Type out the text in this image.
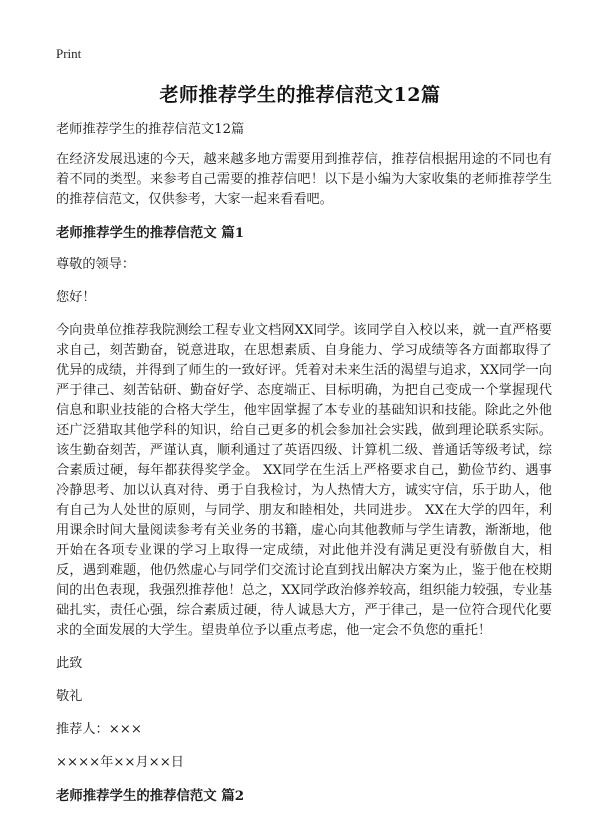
Print
老师推荐学生的推荐信范文12篇

老师推荐学生的推荐信范文12篇

在经济发展迅速的今天，越来越多地方需要用到推荐信，推荐信根据用途的不同也有着不同的类型。来参考自己需要的推荐信吧！以下是小编为大家收集的老师推荐学生的推荐信范文，仅供参考，大家一起来看看吧。

老师推荐学生的推荐信范文 篇1

尊敬的领导：

您好！

今向贵单位推荐我院测绘工程专业文档网XX同学。该同学自入校以来，就一直严格要求自己，刻苦勤奋，锐意进取，在思想素质、自身能力、学习成绩等各方面都取得了优异的成绩，并得到了师生的一致好评。凭着对未来生活的渴望与追求，XX同学一向严于律己、刻苦钻研、勤奋好学、态度端正、目标明确，为把自己变成一个掌握现代信息和职业技能的合格大学生，他牢固掌握了本专业的基础知识和技能。除此之外他还广泛猎取其他学科的知识，给自己更多的机会参加社会实践，做到理论联系实际。该生勤奋刻苦，严谨认真，顺利通过了英语四级、计算机二级、普通话等级考试，综合素质过硬，每年都获得奖学金。 XX同学在生活上严格要求自己，勤俭节约、遇事冷静思考、加以认真对待、勇于自我检讨，为人热情大方，诚实守信，乐于助人，他有自己为人处世的原则，与同学、朋友和睦相处，共同进步。 XX在大学的四年，利用课余时间大量阅读参考有关业务的书籍，虚心向其他教师与学生请教，渐渐地，他开始在各项专业课的学习上取得一定成绩，对此他并没有满足更没有骄傲自大，相反，遇到难题，他仍然虚心与同学们交流讨论直到找出解决方案为止，鉴于他在校期间的出色表现，我强烈推荐他！总之，XX同学政治修养较高，组织能力较强，专业基础扎实，责任心强，综合素质过硬，待人诚恳大方，严于律己，是一位符合现代化要求的全面发展的大学生。望贵单位予以重点考虑，他一定会不负您的重托！

此致

敬礼

推荐人：×××

××××年××月××日

老师推荐学生的推荐信范文 篇2
